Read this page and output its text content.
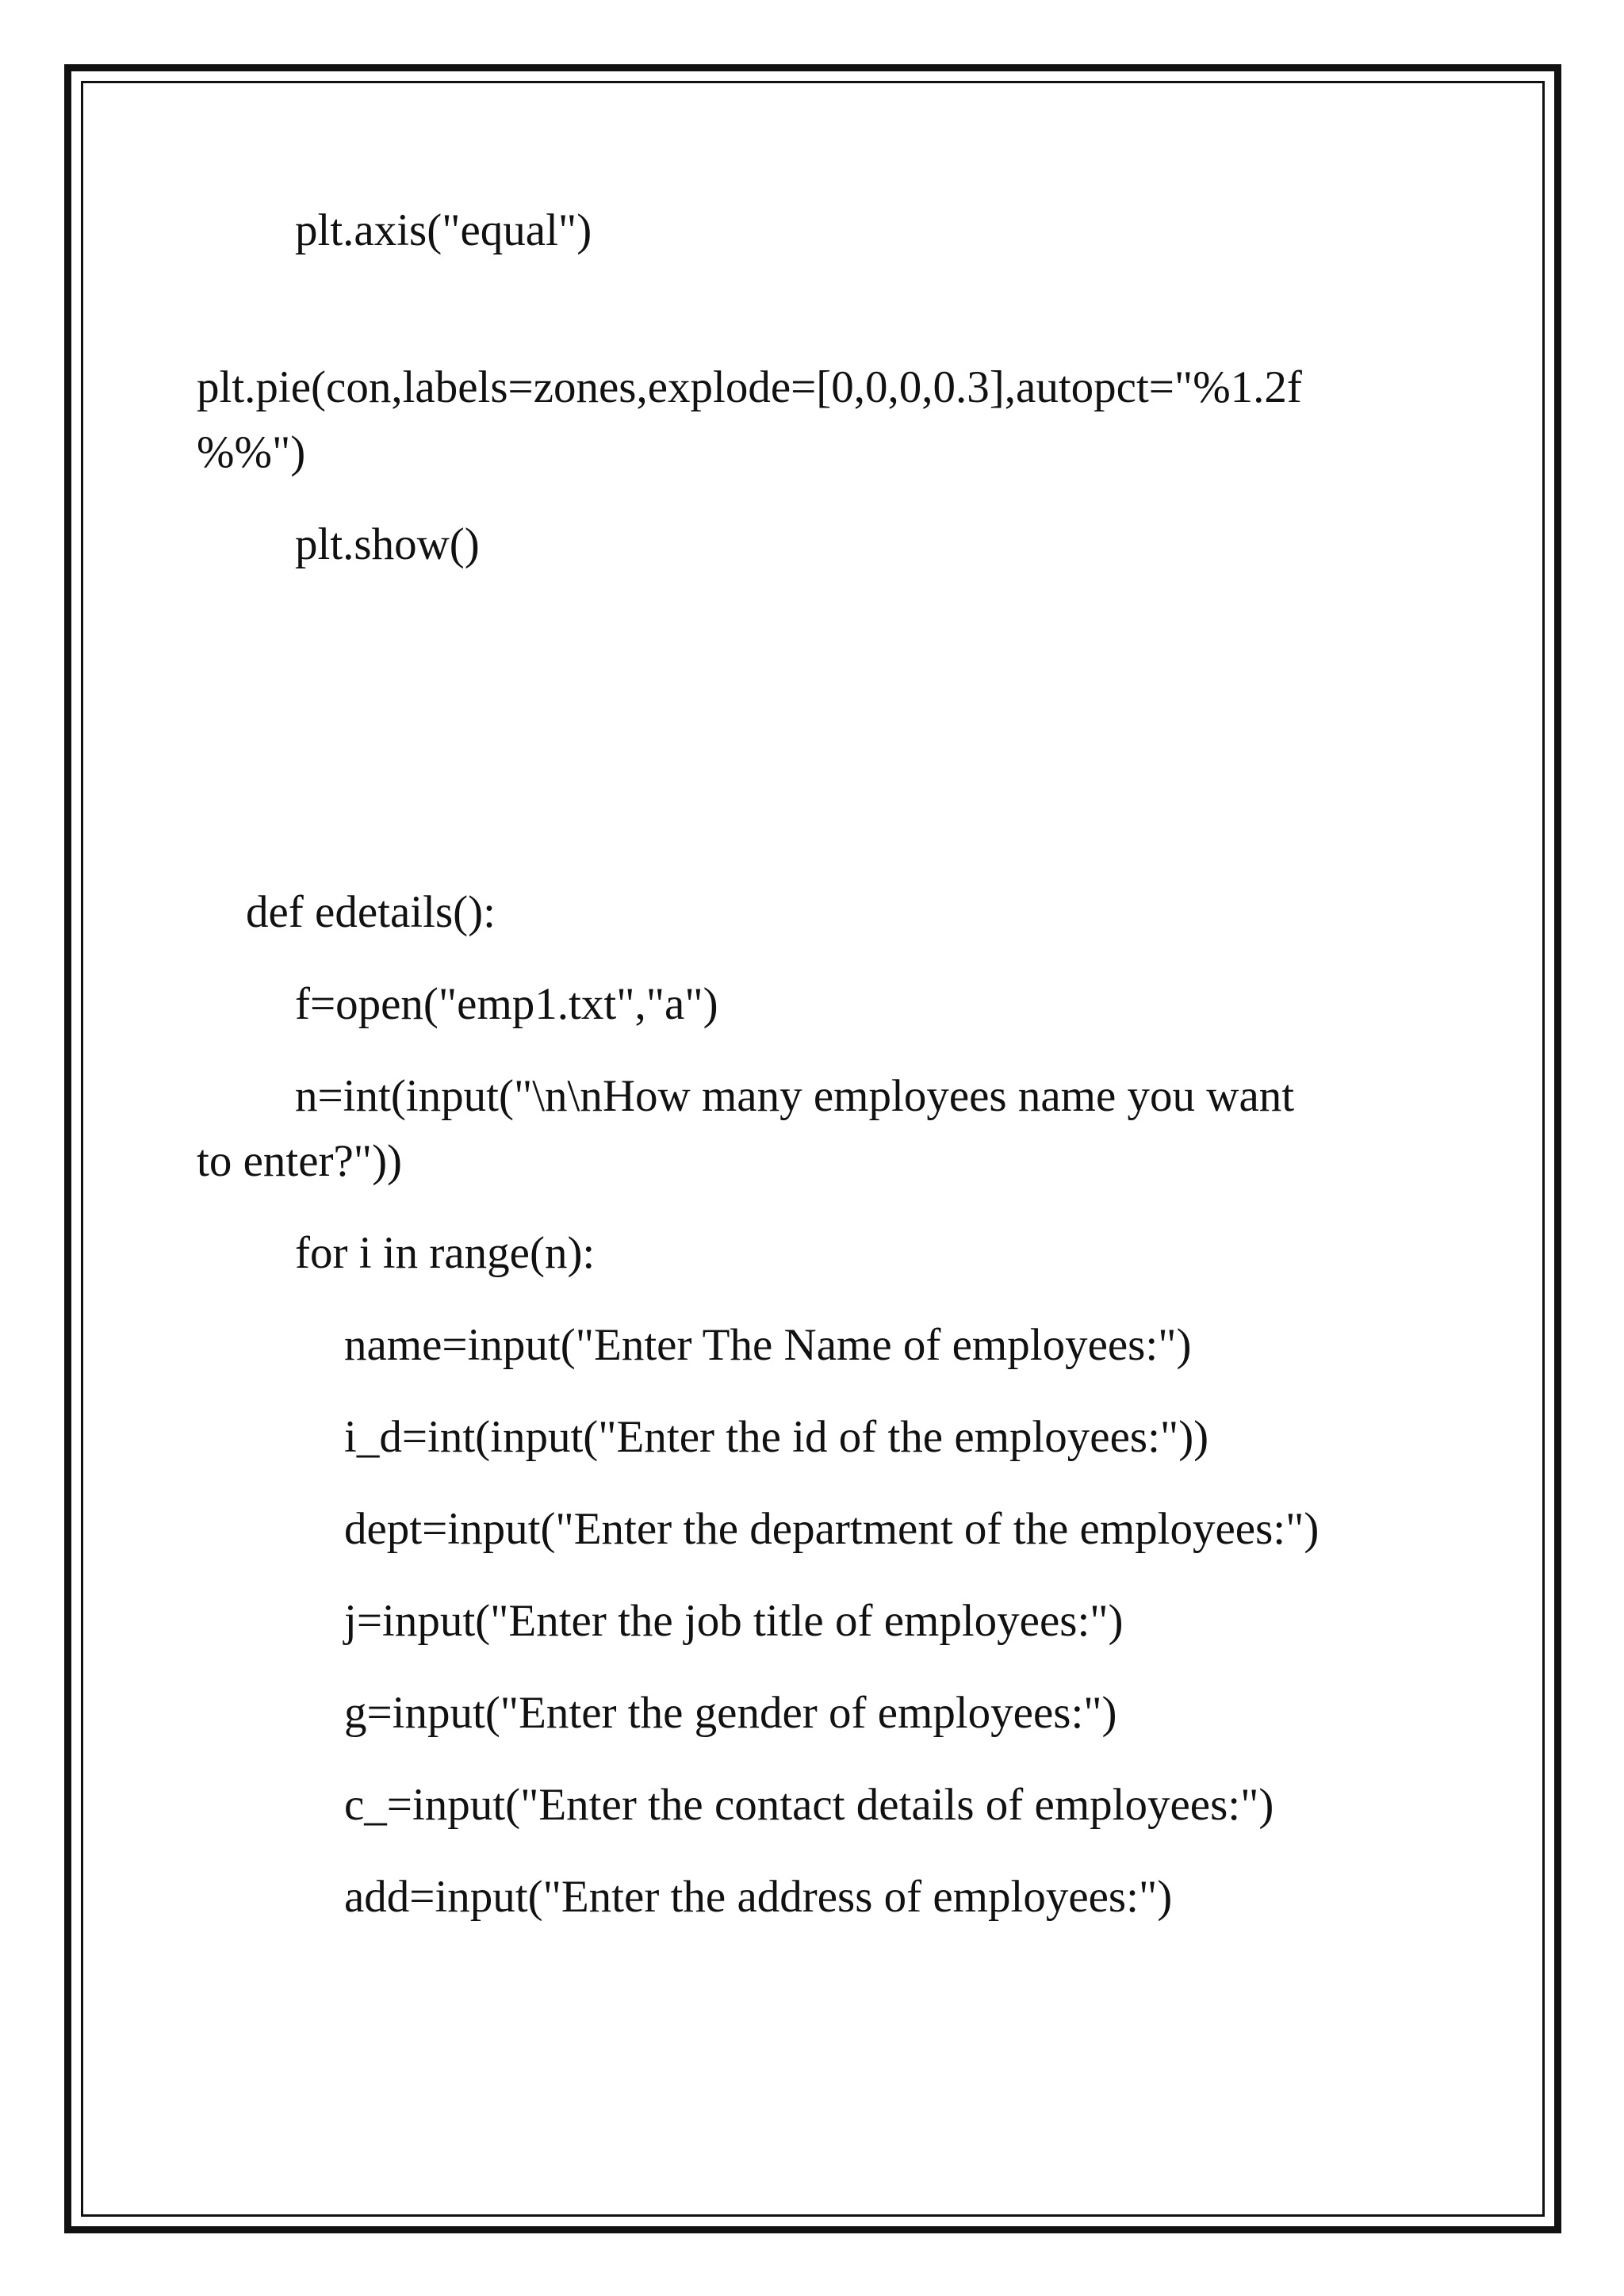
plt.axis("equal")
plt.pie(con,labels=zones,explode=[0,0,0,0.3],autopct="%1.2f
%%")
plt.show()
def edetails():
f=open("emp1.txt","a")
n=int(input("\n\nHow many employees name you want
to enter?"))
for i in range(n):
name=input("Enter The Name of employees:")
i_d=int(input("Enter the id of the employees:"))
dept=input("Enter the department of the employees:")
j=input("Enter the job title of employees:")
g=input("Enter the gender of employees:")
c_=input("Enter the contact details of employees:")
add=input("Enter the address of employees:")
